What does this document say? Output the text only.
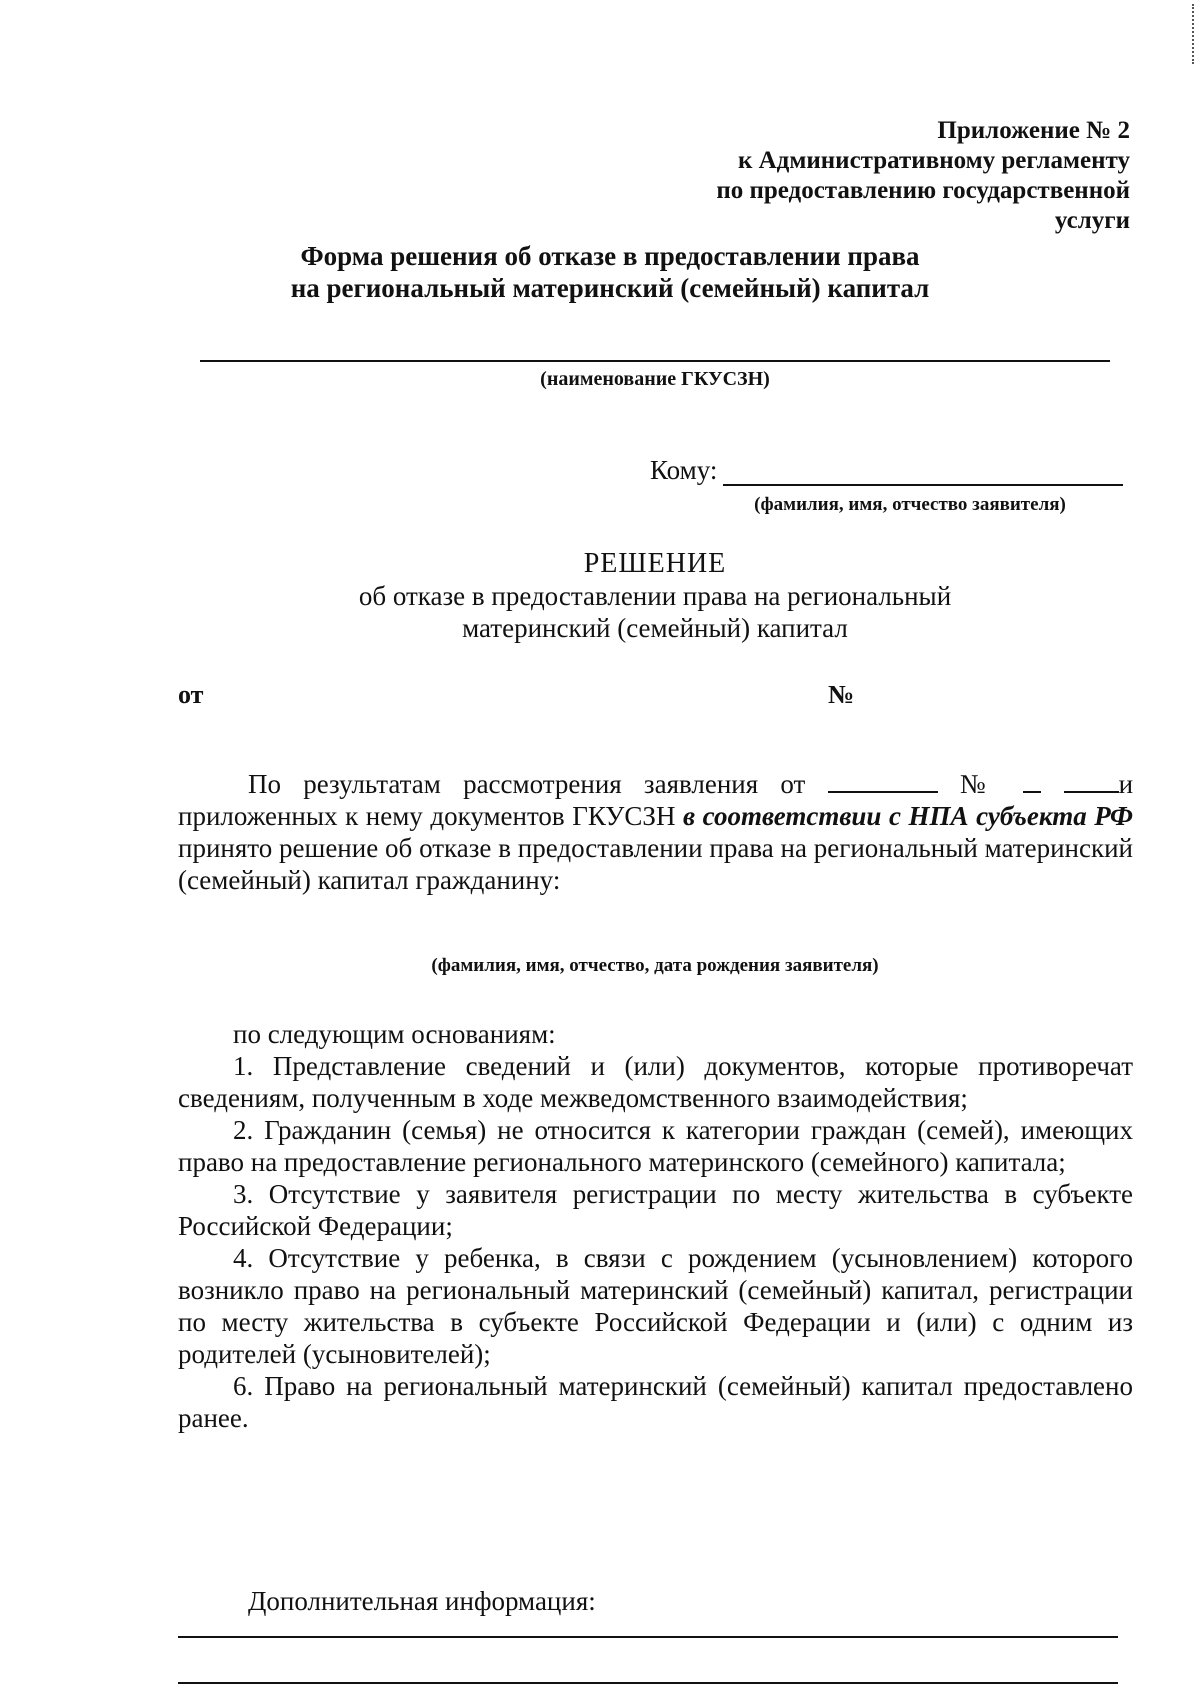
Приложение № 2
к Административному регламенту
по предоставлению государственной
услуги
Форма решения об отказе в предоставлении права
на региональный материнский (семейный) капитал
(наименование ГКУСЗН)
Кому:
(фамилия, имя, отчество заявителя)
РЕШЕНИЕ
об отказе в предоставлении права на региональный
материнский (семейный) капитал
от	№
По результатам рассмотрения заявления от	№	и приложенных к нему документов ГКУСЗН в соответствии с НПА субъекта РФ принято решение об отказе в предоставлении права на региональный материнский (семейный) капитал гражданину:
(фамилия, имя, отчество, дата рождения заявителя)
по следующим основаниям:
1. Представление сведений и (или) документов, которые противоречат сведениям, полученным в ходе межведомственного взаимодействия;
2. Гражданин (семья) не относится к категории граждан (семей), имеющих право на предоставление регионального материнского (семейного) капитала;
3. Отсутствие у заявителя регистрации по месту жительства в субъекте Российской Федерации;
4. Отсутствие у ребенка, в связи с рождением (усыновлением) которого возникло право на региональный материнский (семейный) капитал, регистрации по месту жительства в субъекте Российской Федерации и (или) с одним из родителей (усыновителей);
6. Право на региональный материнский (семейный) капитал предоставлено ранее.
Дополнительная информация:
